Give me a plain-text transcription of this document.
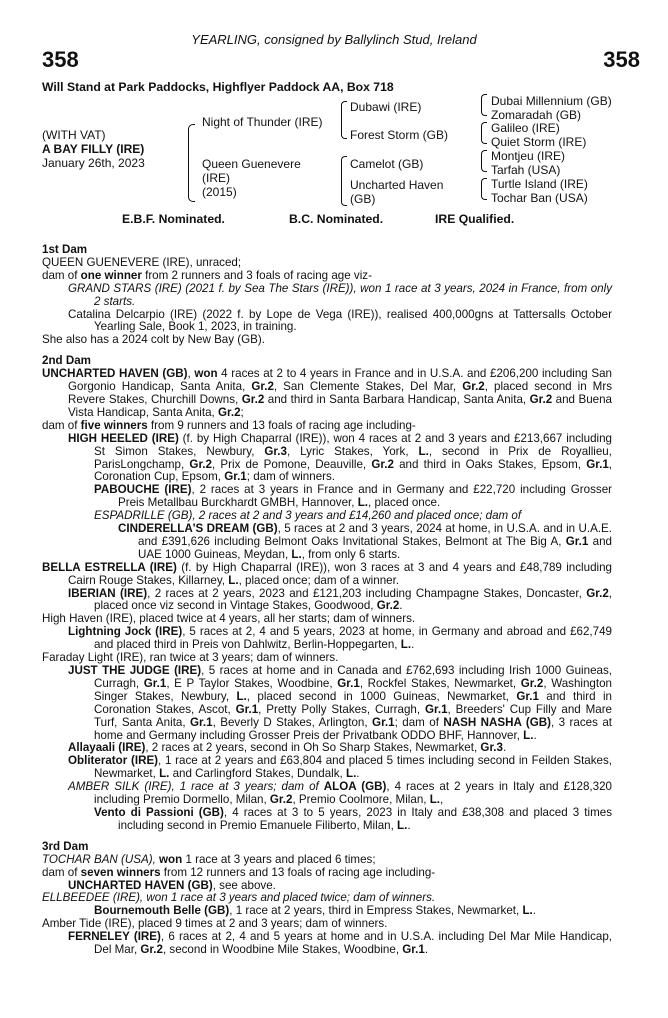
YEARLING, consigned by Ballylinch Stud, Ireland
358	358
Will Stand at Park Paddocks, Highflyer Paddock AA, Box 718
(WITH VAT)
A BAY FILLY (IRE)
January 26th, 2023
Night of Thunder (IRE)
Queen Guenevere
(IRE)
(2015)
Dubawi (IRE)
Forest Storm (GB)
Camelot (GB)
Uncharted Haven
(GB)
Dubai Millennium (GB)
Zomaradah (GB)
Galileo (IRE)
Quiet Storm (IRE)
Montjeu (IRE)
Tarfah (USA)
Turtle Island (IRE)
Tochar Ban (USA)
E.B.F. Nominated.	B.C. Nominated.	IRE Qualified.

1st Dam

QUEEN GUENEVERE (IRE), unraced;

dam of one winner from 2 runners and 3 foals of racing age viz-

GRAND STARS (IRE) (2021 f. by Sea The Stars (IRE)), won 1 race at 3 years, 2024 in France, from only 2 starts.

Catalina Delcarpio (IRE) (2022 f. by Lope de Vega (IRE)), realised 400,000gns at Tattersalls October Yearling Sale, Book 1, 2023, in training.

She also has a 2024 colt by New Bay (GB).

2nd Dam

UNCHARTED HAVEN (GB), won 4 races at 2 to 4 years in France and in U.S.A. and £206,200 including San Gorgonio Handicap, Santa Anita, Gr.2, San Clemente Stakes, Del Mar, Gr.2, placed second in Mrs Revere Stakes, Churchill Downs, Gr.2 and third in Santa Barbara Handicap, Santa Anita, Gr.2 and Buena Vista Handicap, Santa Anita, Gr.2;

dam of five winners from 9 runners and 13 foals of racing age including-

HIGH HEELED (IRE) (f. by High Chaparral (IRE)), won 4 races at 2 and 3 years and £213,667 including St Simon Stakes, Newbury, Gr.3, Lyric Stakes, York, L., second in Prix de Royallieu, ParisLongchamp, Gr.2, Prix de Pomone, Deauville, Gr.2 and third in Oaks Stakes, Epsom, Gr.1, Coronation Cup, Epsom, Gr.1; dam of winners.

PABOUCHE (IRE), 2 races at 3 years in France and in Germany and £22,720 including Grosser Preis Metallbau Burckhardt GMBH, Hannover, L., placed once.

ESPADRILLE (GB), 2 races at 2 and 3 years and £14,260 and placed once; dam of

CINDERELLA'S DREAM (GB), 5 races at 2 and 3 years, 2024 at home, in U.S.A. and in U.A.E. and £391,626 including Belmont Oaks Invitational Stakes, Belmont at The Big A, Gr.1 and UAE 1000 Guineas, Meydan, L., from only 6 starts.

BELLA ESTRELLA (IRE) (f. by High Chaparral (IRE)), won 3 races at 3 and 4 years and £48,789 including Cairn Rouge Stakes, Killarney, L., placed once; dam of a winner.

IBERIAN (IRE), 2 races at 2 years, 2023 and £121,203 including Champagne Stakes, Doncaster, Gr.2, placed once viz second in Vintage Stakes, Goodwood, Gr.2.

High Haven (IRE), placed twice at 4 years, all her starts; dam of winners.

Lightning Jock (IRE), 5 races at 2, 4 and 5 years, 2023 at home, in Germany and abroad and £62,749 and placed third in Preis von Dahlwitz, Berlin-Hoppegarten, L..

Faraday Light (IRE), ran twice at 3 years; dam of winners.

JUST THE JUDGE (IRE), 5 races at home and in Canada and £762,693 including Irish 1000 Guineas, Curragh, Gr.1, E P Taylor Stakes, Woodbine, Gr.1, Rockfel Stakes, Newmarket, Gr.2, Washington Singer Stakes, Newbury, L., placed second in 1000 Guineas, Newmarket, Gr.1 and third in Coronation Stakes, Ascot, Gr.1, Pretty Polly Stakes, Curragh, Gr.1, Breeders' Cup Filly and Mare Turf, Santa Anita, Gr.1, Beverly D Stakes, Arlington, Gr.1; dam of NASH NASHA (GB), 3 races at home and Germany including Grosser Preis der Privatbank ODDO BHF, Hannover, L..

Allayaali (IRE), 2 races at 2 years, second in Oh So Sharp Stakes, Newmarket, Gr.3.

Obliterator (IRE), 1 race at 2 years and £63,804 and placed 5 times including second in Feilden Stakes, Newmarket, L. and Carlingford Stakes, Dundalk, L..

AMBER SILK (IRE), 1 race at 3 years; dam of ALOA (GB), 4 races at 2 years in Italy and £128,320 including Premio Dormello, Milan, Gr.2, Premio Coolmore, Milan, L.,

Vento di Passioni (GB), 4 races at 3 to 5 years, 2023 in Italy and £38,308 and placed 3 times including second in Premio Emanuele Filiberto, Milan, L..

3rd Dam

TOCHAR BAN (USA), won 1 race at 3 years and placed 6 times;

dam of seven winners from 12 runners and 13 foals of racing age including-

UNCHARTED HAVEN (GB), see above.

ELLBEEDEE (IRE), won 1 race at 3 years and placed twice; dam of winners.

Bournemouth Belle (GB), 1 race at 2 years, third in Empress Stakes, Newmarket, L..

Amber Tide (IRE), placed 9 times at 2 and 3 years; dam of winners.

FERNELEY (IRE), 6 races at 2, 4 and 5 years at home and in U.S.A. including Del Mar Mile Handicap, Del Mar, Gr.2, second in Woodbine Mile Stakes, Woodbine, Gr.1.
